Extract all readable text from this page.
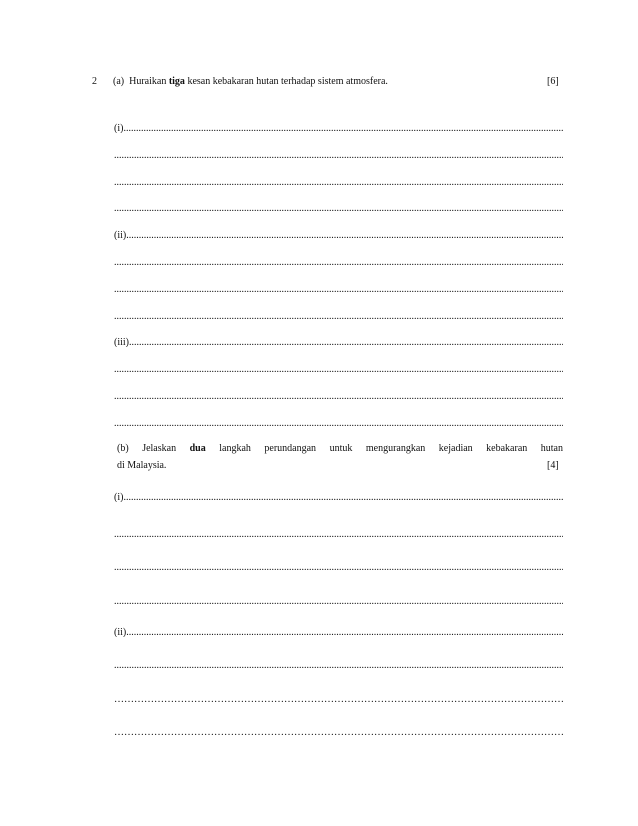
2 (a) Huraikan tiga kesan kebakaran hutan terhadap sistem atmosfera.	[6]
(i)
.....
.....
.....
.....
(ii)
.....
.....
.....
.....
(iii)
.....
.....
.....
.....
(b) Jelaskan dua langkah perundangan untuk mengurangkan kejadian kebakaran hutan
di Malaysia.	[4]
(i)
.....
.....
.....
.....
(ii)
.....
.....
……………………………………………………………………………………………………………………………………………………
……………………………………………………………………………………………………………………………………………………
